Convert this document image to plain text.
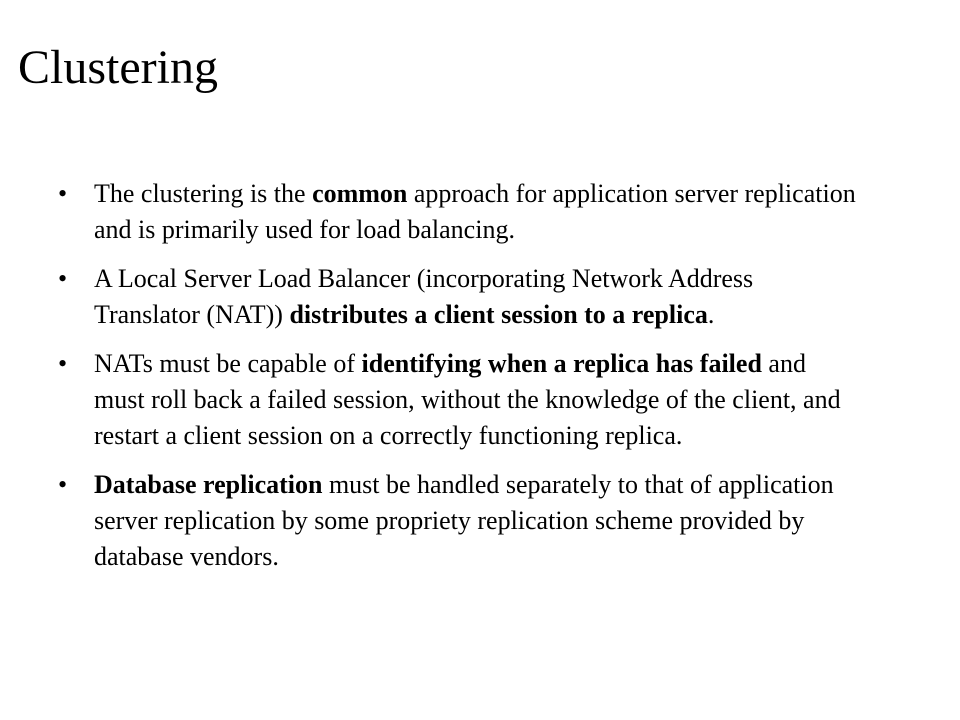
Clustering
•	The clustering is the common approach for application server replication and is primarily used for load balancing.
•	A Local Server Load Balancer (incorporating Network Address Translator (NAT)) distributes a client session to a replica.
•	NATs must be capable of identifying when a replica has failed and must roll back a failed session, without the knowledge of the client, and restart a client session on a correctly functioning replica.
•	Database replication must be handled separately to that of application server replication by some propriety replication scheme provided by database vendors.
